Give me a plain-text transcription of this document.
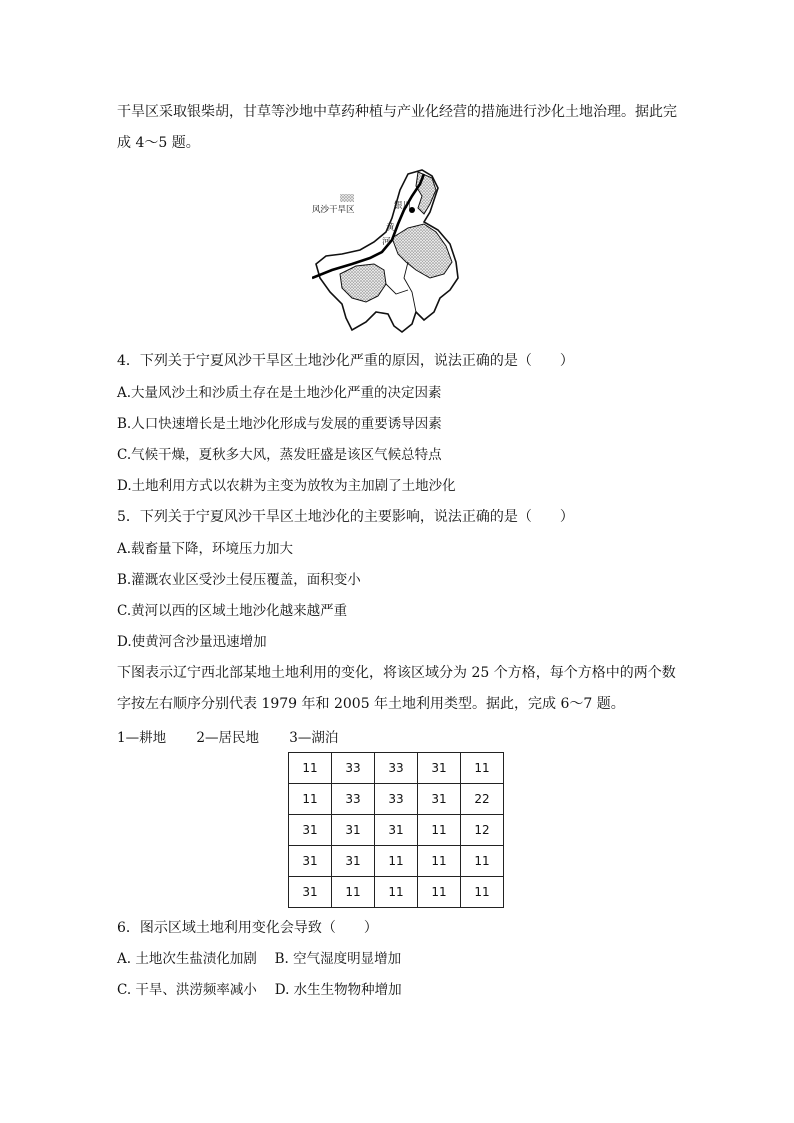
干旱区采取银柴胡，甘草等沙地中草药种植与产业化经营的措施进行沙化土地治理。据此完
成 4～5 题。
风沙干旱区	银川
黄
河
4．下列关于宁夏风沙干旱区土地沙化严重的原因，说法正确的是（　　）
A.大量风沙土和沙质土存在是土地沙化严重的决定因素
B.人口快速增长是土地沙化形成与发展的重要诱导因素
C.气候干燥，夏秋多大风，蒸发旺盛是该区气候总特点
D.土地利用方式以农耕为主变为放牧为主加剧了土地沙化
5．下列关于宁夏风沙干旱区土地沙化的主要影响，说法正确的是（　　）
A.载畜量下降，环境压力加大
B.灌溉农业区受沙土侵压覆盖，面积变小
C.黄河以西的区域土地沙化越来越严重
D.使黄河含沙量迅速增加
下图表示辽宁西北部某地土地利用的变化，将该区域分为 25 个方格，每个方格中的两个数
字按左右顺序分别代表 1979 年和 2005 年土地利用类型。据此，完成 6～7 题。
1—耕地 2—居民地 3—湖泊
11	33	33	31	11
11	33	33	31	22
31	31	31	11	12
31	31	11	11	11
31	11	11	11	11
6．图示区域土地利用变化会导致（　　）
A. 土地次生盐渍化加剧　 B. 空气湿度明显增加
C. 干旱、洪涝频率减小　 D. 水生生物物种增加
